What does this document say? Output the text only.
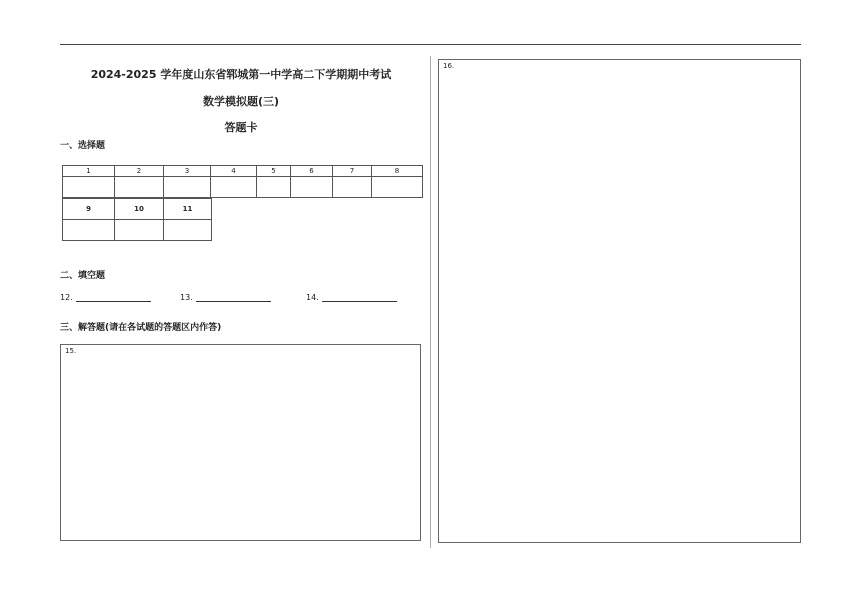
2024-2025 学年度山东省郓城第一中学高二下学期期中考试
数学模拟题(三)
答题卡
一、选择题
1	2	3	4	5	6	7	8

9	10	11

二、填空题
12.	13.	14.
三、解答题(请在各试题的答题区内作答)
15.
16.
